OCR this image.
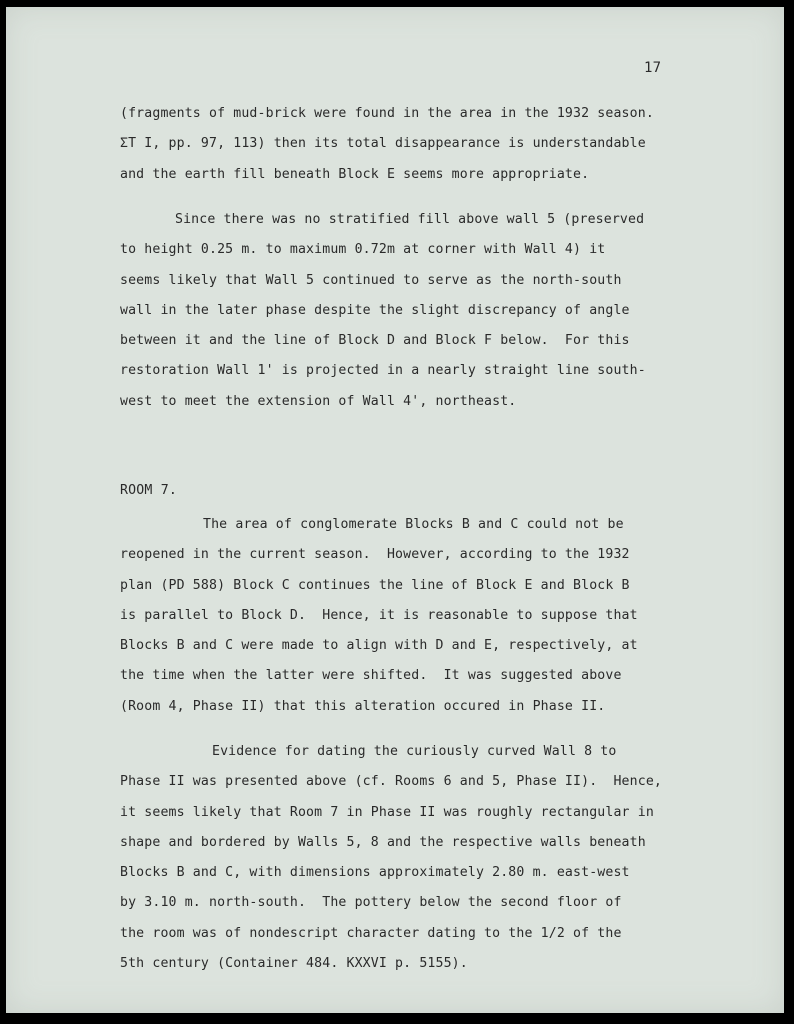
17
(fragments of mud-brick were found in the area in the 1932 season.
ΣT I, pp. 97, 113) then its total disappearance is understandable
and the earth fill beneath Block E seems more appropriate.
Since there was no stratified fill above wall 5 (preserved
to height 0.25 m. to maximum 0.72m at corner with Wall 4) it
seems likely that Wall 5 continued to serve as the north-south
wall in the later phase despite the slight discrepancy of angle
between it and the line of Block D and Block F below.  For this
restoration Wall 1' is projected in a nearly straight line south-
west to meet the extension of Wall 4', northeast.
ROOM 7.
The area of conglomerate Blocks B and C could not be
reopened in the current season.  However, according to the 1932
plan (PD 588) Block C continues the line of Block E and Block B
is parallel to Block D.  Hence, it is reasonable to suppose that
Blocks B and C were made to align with D and E, respectively, at
the time when the latter were shifted.  It was suggested above
(Room 4, Phase II) that this alteration occured in Phase II.
Evidence for dating the curiously curved Wall 8 to
Phase II was presented above (cf. Rooms 6 and 5, Phase II).  Hence,
it seems likely that Room 7 in Phase II was roughly rectangular in
shape and bordered by Walls 5, 8 and the respective walls beneath
Blocks B and C, with dimensions approximately 2.80 m. east-west
by 3.10 m. north-south.  The pottery below the second floor of
the room was of nondescript character dating to the 1/2 of the
5th century (Container 484. KXXVI p. 5155).
